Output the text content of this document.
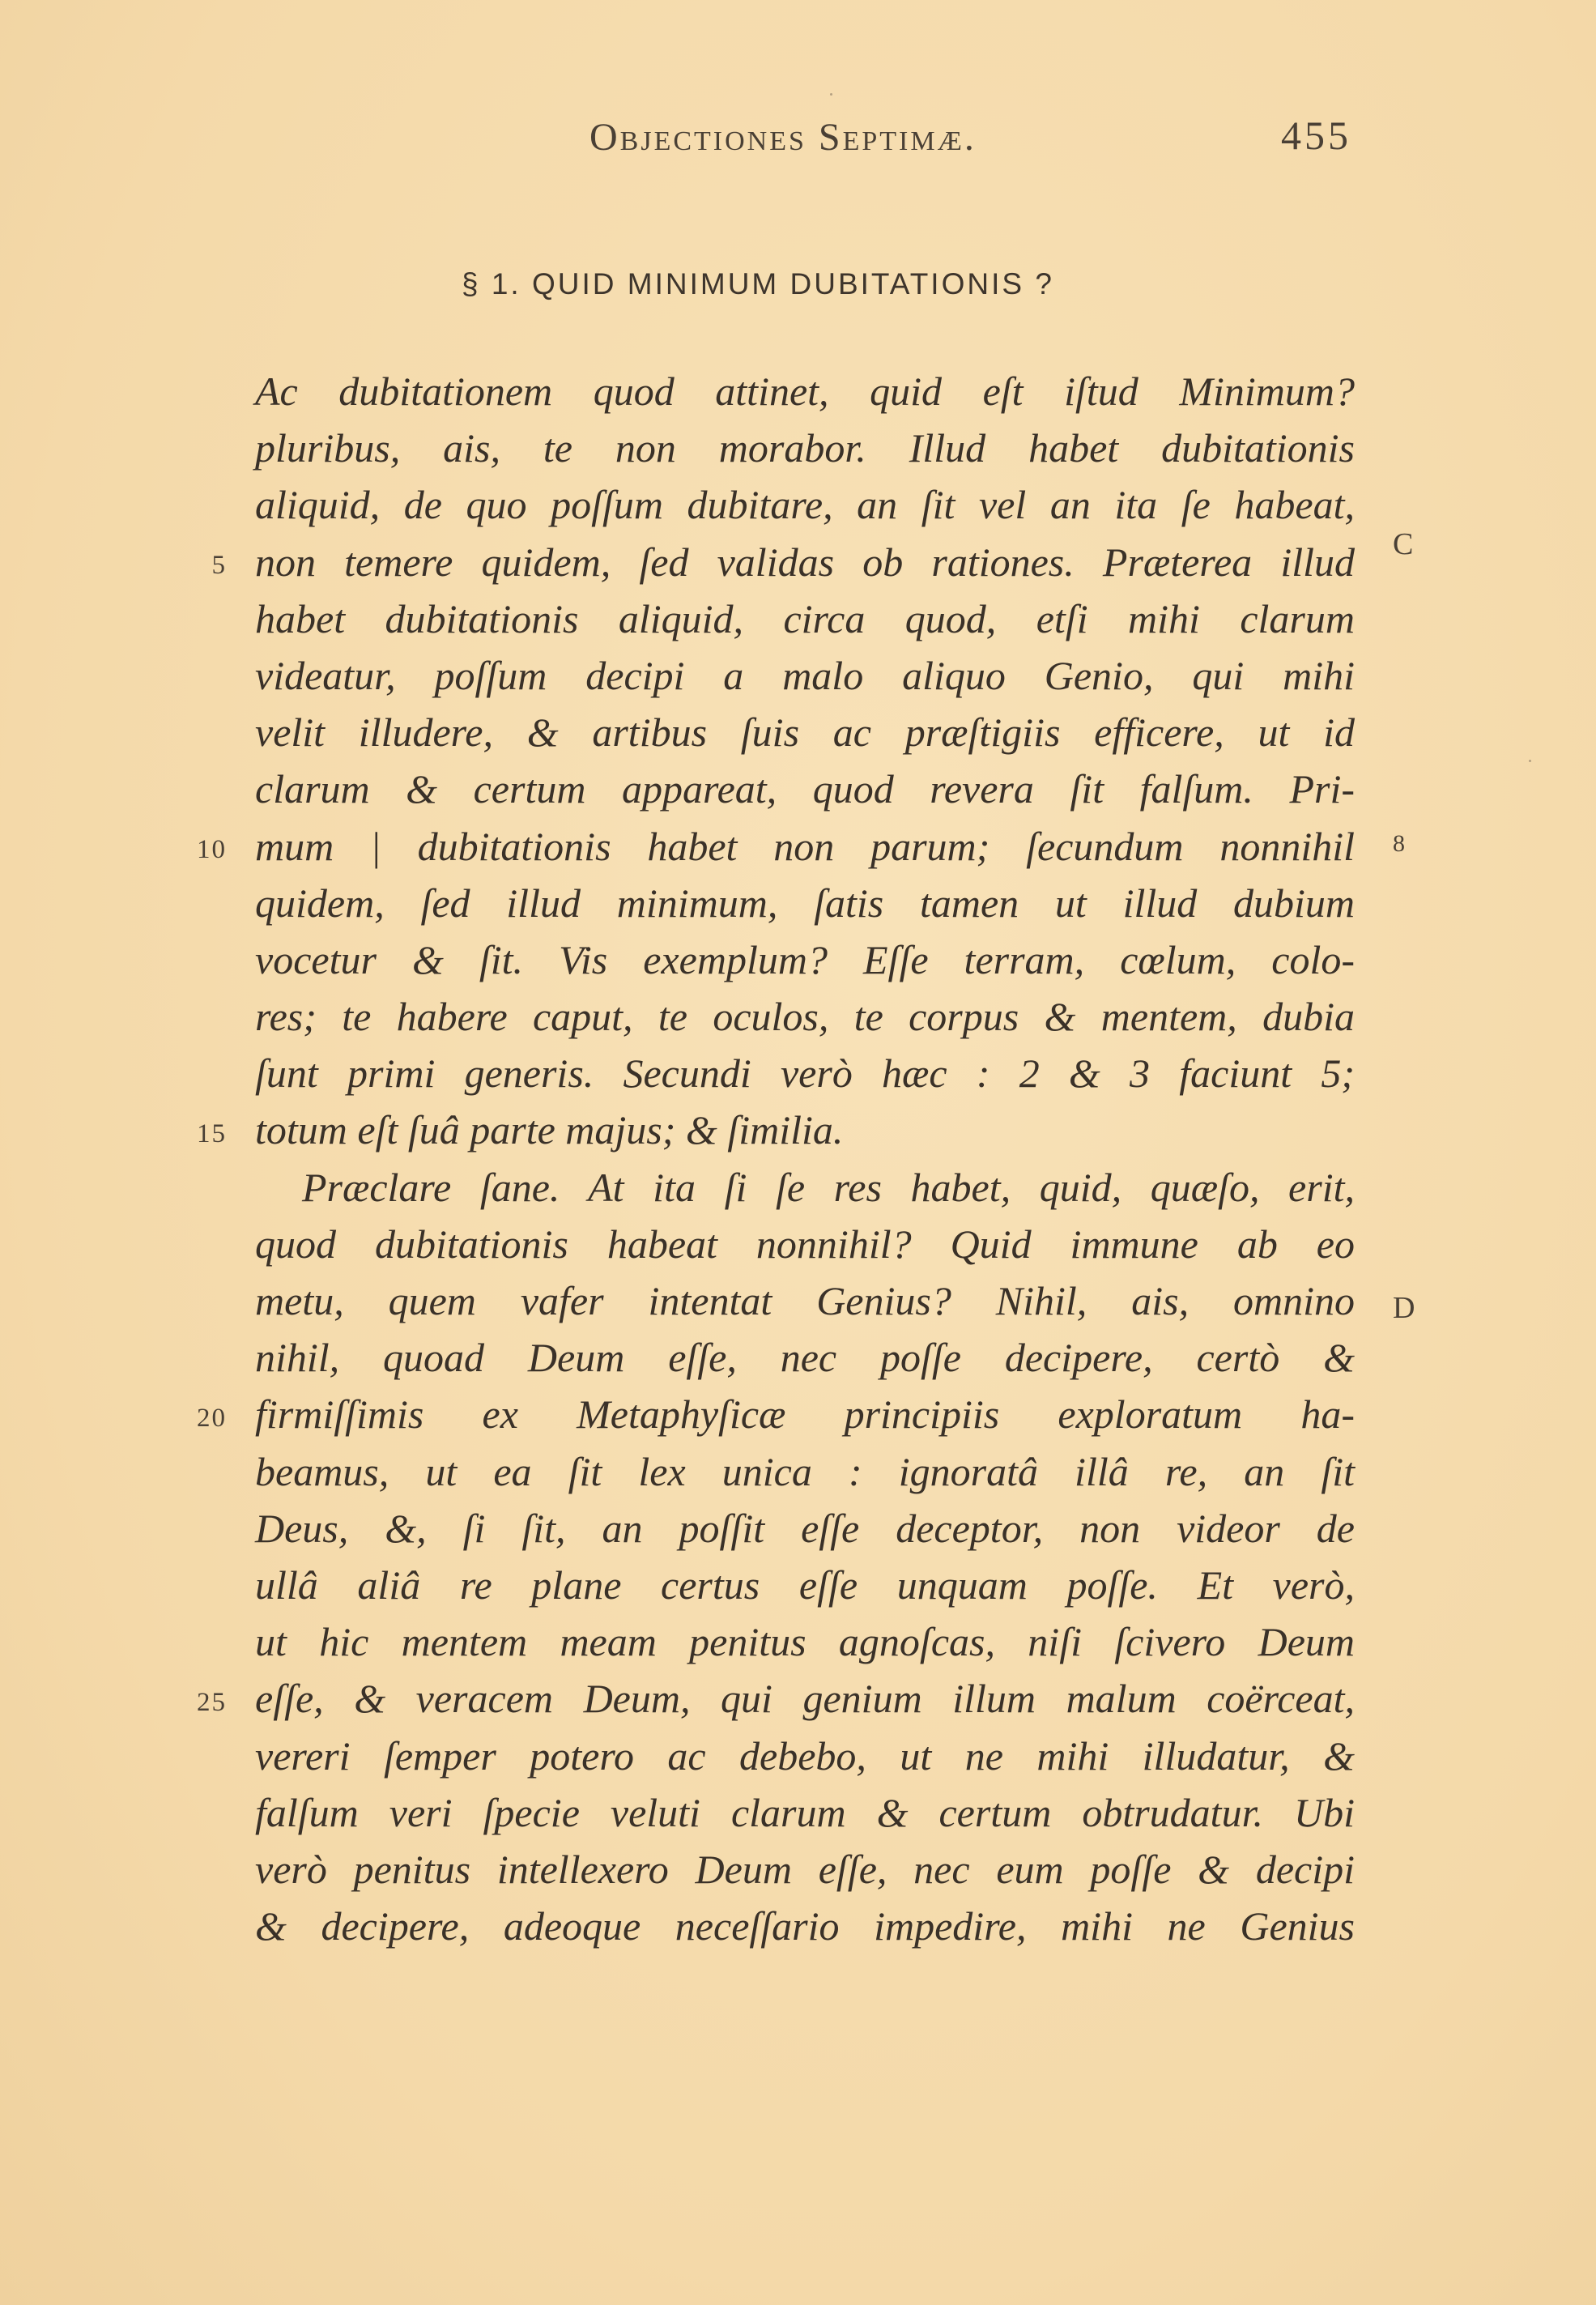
Objectiones Septimæ.	455
§ 1. QUID MINIMUM DUBITATIONIS ?
Ac dubitationem quod attinet, quid eſt iſtud Minimum?
pluribus, ais, te non morabor. Illud habet dubitationis
aliquid, de quo poſſum dubitare, an ſit vel an ita ſe habeat,
non temere quidem, ſed validas ob rationes. Præterea illud
habet dubitationis aliquid, circa quod, etſi mihi clarum
videatur, poſſum decipi a malo aliquo Genio, qui mihi
velit illudere, & artibus ſuis ac præſtigiis efficere, ut id
clarum & certum appareat, quod revera ſit falſum. Pri-
mum | dubitationis habet non parum; ſecundum nonnihil
quidem, ſed illud minimum, ſatis tamen ut illud dubium
vocetur & ſit. Vis exemplum? Eſſe terram, cœlum, colo-
res; te habere caput, te oculos, te corpus & mentem, dubia
ſunt primi generis. Secundi verò hæc : 2 & 3 faciunt 5;
totum eſt ſuâ parte majus; & ſimilia.
Præclare ſane. At ita ſi ſe res habet, quid, quæſo, erit,
quod dubitationis habeat nonnihil? Quid immune ab eo
metu, quem vafer intentat Genius? Nihil, ais, omnino
nihil, quoad Deum eſſe, nec poſſe decipere, certò &
firmiſſimis ex Metaphyſicæ principiis exploratum ha-
beamus, ut ea ſit lex unica : ignoratâ illâ re, an ſit
Deus, &, ſi ſit, an poſſit eſſe deceptor, non videor de
ullâ aliâ re plane certus eſſe unquam poſſe. Et verò,
ut hic mentem meam penitus agnoſcas, niſi ſcivero Deum
eſſe, & veracem Deum, qui genium illum malum coërceat,
vereri ſemper potero ac debebo, ut ne mihi illudatur, &
falſum veri ſpecie veluti clarum & certum obtrudatur. Ubi
verò penitus intellexero Deum eſſe, nec eum poſſe & decipi
& decipere, adeoque neceſſario impedire, mihi ne Genius
5
10
15
20
25
C
8
D
